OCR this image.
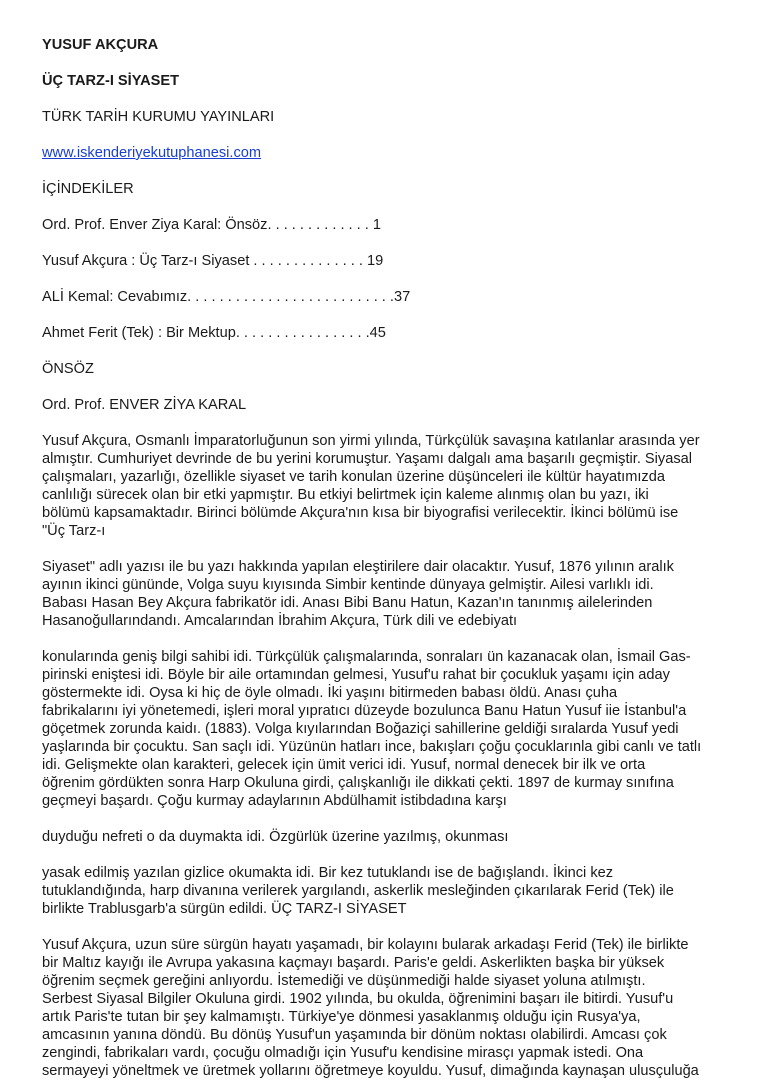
YUSUF AKÇURA

ÜÇ TARZ-I SİYASET

TÜRK TARİH KURUMU YAYINLARI

www.iskenderiyekutuphanesi.com

İÇİNDEKİLER

Ord. Prof. Enver Ziya Karal: Önsöz. . . . . . . . . . . . . 1

Yusuf Akçura : Üç Tarz-ı Siyaset . . . . . . . . . . . . . . 19

ALİ Kemal: Cevabımız. . . . . . . . . . . . . . . . . . . . . . . . . .37

Ahmet Ferit (Tek) : Bir Mektup. . . . . . . . . . . . . . . . .45

ÖNSÖZ

Ord. Prof. ENVER ZİYA KARAL

Yusuf Akçura, Osmanlı İmparatorluğunun son yirmi yılında, Türkçülük savaşına katılanlar arasında yer

almıştır. Cumhuriyet devrinde de bu yerini korumuştur. Yaşamı dalgalı ama başarılı geçmiştir. Siyasal

çalışmaları, yazarlığı, özellikle siyaset ve tarih konulan üzerine düşünceleri ile kültür hayatımızda

canlılığı sürecek olan bir etki yapmıştır. Bu etkiyi belirtmek için kaleme alınmış olan bu yazı, iki

bölümü kapsamaktadır. Birinci bölümde Akçura'nın kısa bir biyografisi verilecektir. İkinci bölümü ise

"Üç Tarz-ı

Siyaset" adlı yazısı ile bu yazı hakkında yapılan eleştirilere dair olacaktır. Yusuf, 1876 yılının aralık

ayının ikinci gününde, Volga suyu kıyısında Simbir kentinde dünyaya gelmiştir. Ailesi varlıklı idi.

Babası Hasan Bey Akçura fabrikatör idi. Anası Bibi Banu Hatun, Kazan'ın tanınmış ailelerinden

Hasanoğullarındandı. Amcalarından İbrahim Akçura, Türk dili ve edebiyatı

konularında geniş bilgi sahibi idi. Türkçülük çalışmalarında, sonraları ün kazanacak olan, İsmail Gas-

pirinski eniştesi idi. Böyle bir aile ortamından gelmesi, Yusuf'u rahat bir çocukluk yaşamı için aday

göstermekte idi. Oysa ki hiç de öyle olmadı. İki yaşını bitirmeden babası öldü. Anası çuha

fabrikalarını iyi yönetemedi, işleri moral yıpratıcı düzeyde bozulunca Banu Hatun Yusuf iie İstanbul'a

göçetmek zorunda kaidı. (1883). Volga kıyılarından Boğaziçi sahillerine geldiği sıralarda Yusuf yedi

yaşlarında bir çocuktu. San saçlı idi. Yüzünün hatları ince, bakışları çoğu çocuklarınla gibi canlı ve tatlı

idi. Gelişmekte olan karakteri, gelecek için ümit verici idi. Yusuf, normal denecek bir ilk ve orta

öğrenim gördükten sonra Harp Okuluna girdi, çalışkanlığı ile dikkati çekti. 1897 de kurmay sınıfına

geçmeyi başardı. Çoğu kurmay adaylarının Abdülhamit istibdadına karşı

duyduğu nefreti o da duymakta idi. Özgürlük üzerine yazılmış, okunması

yasak edilmiş yazılan gizlice okumakta idi. Bir kez tutuklandı ise de bağışlandı. İkinci kez

tutuklandığında, harp divanına verilerek yargılandı, askerlik mesleğinden çıkarılarak Ferid (Tek) ile

birlikte Trablusgarb'a sürgün edildi. ÜÇ TARZ-I SİYASET

Yusuf Akçura, uzun süre sürgün hayatı yaşamadı, bir kolayını bularak arkadaşı Ferid (Tek) ile birlikte

bir Maltız kayığı ile Avrupa yakasına kaçmayı başardı. Paris'e geldi. Askerlikten başka bir yüksek

öğrenim seçmek gereğini anlıyordu. İstemediği ve düşünmediği halde siyaset yoluna atılmıştı.

Serbest Siyasal Bilgiler Okuluna girdi. 1902 yılında, bu okulda, öğrenimini başarı ile bitirdi. Yusuf'u

artık Paris'te tutan bir şey kalmamıştı. Türkiye'ye dönmesi yasaklanmış olduğu için Rusya'ya,

amcasının yanına döndü. Bu dönüş Yusuf'un yaşamında bir dönüm noktası olabilirdi. Amcası çok

zengindi, fabrikaları vardı, çocuğu olmadığı için Yusuf'u kendisine mirasçı yapmak istedi. Ona

sermayeyi yöneltmek ve üretmek yollarını öğretmeye koyuldu. Yusuf, dimağında kaynaşan ulusçuluğa
